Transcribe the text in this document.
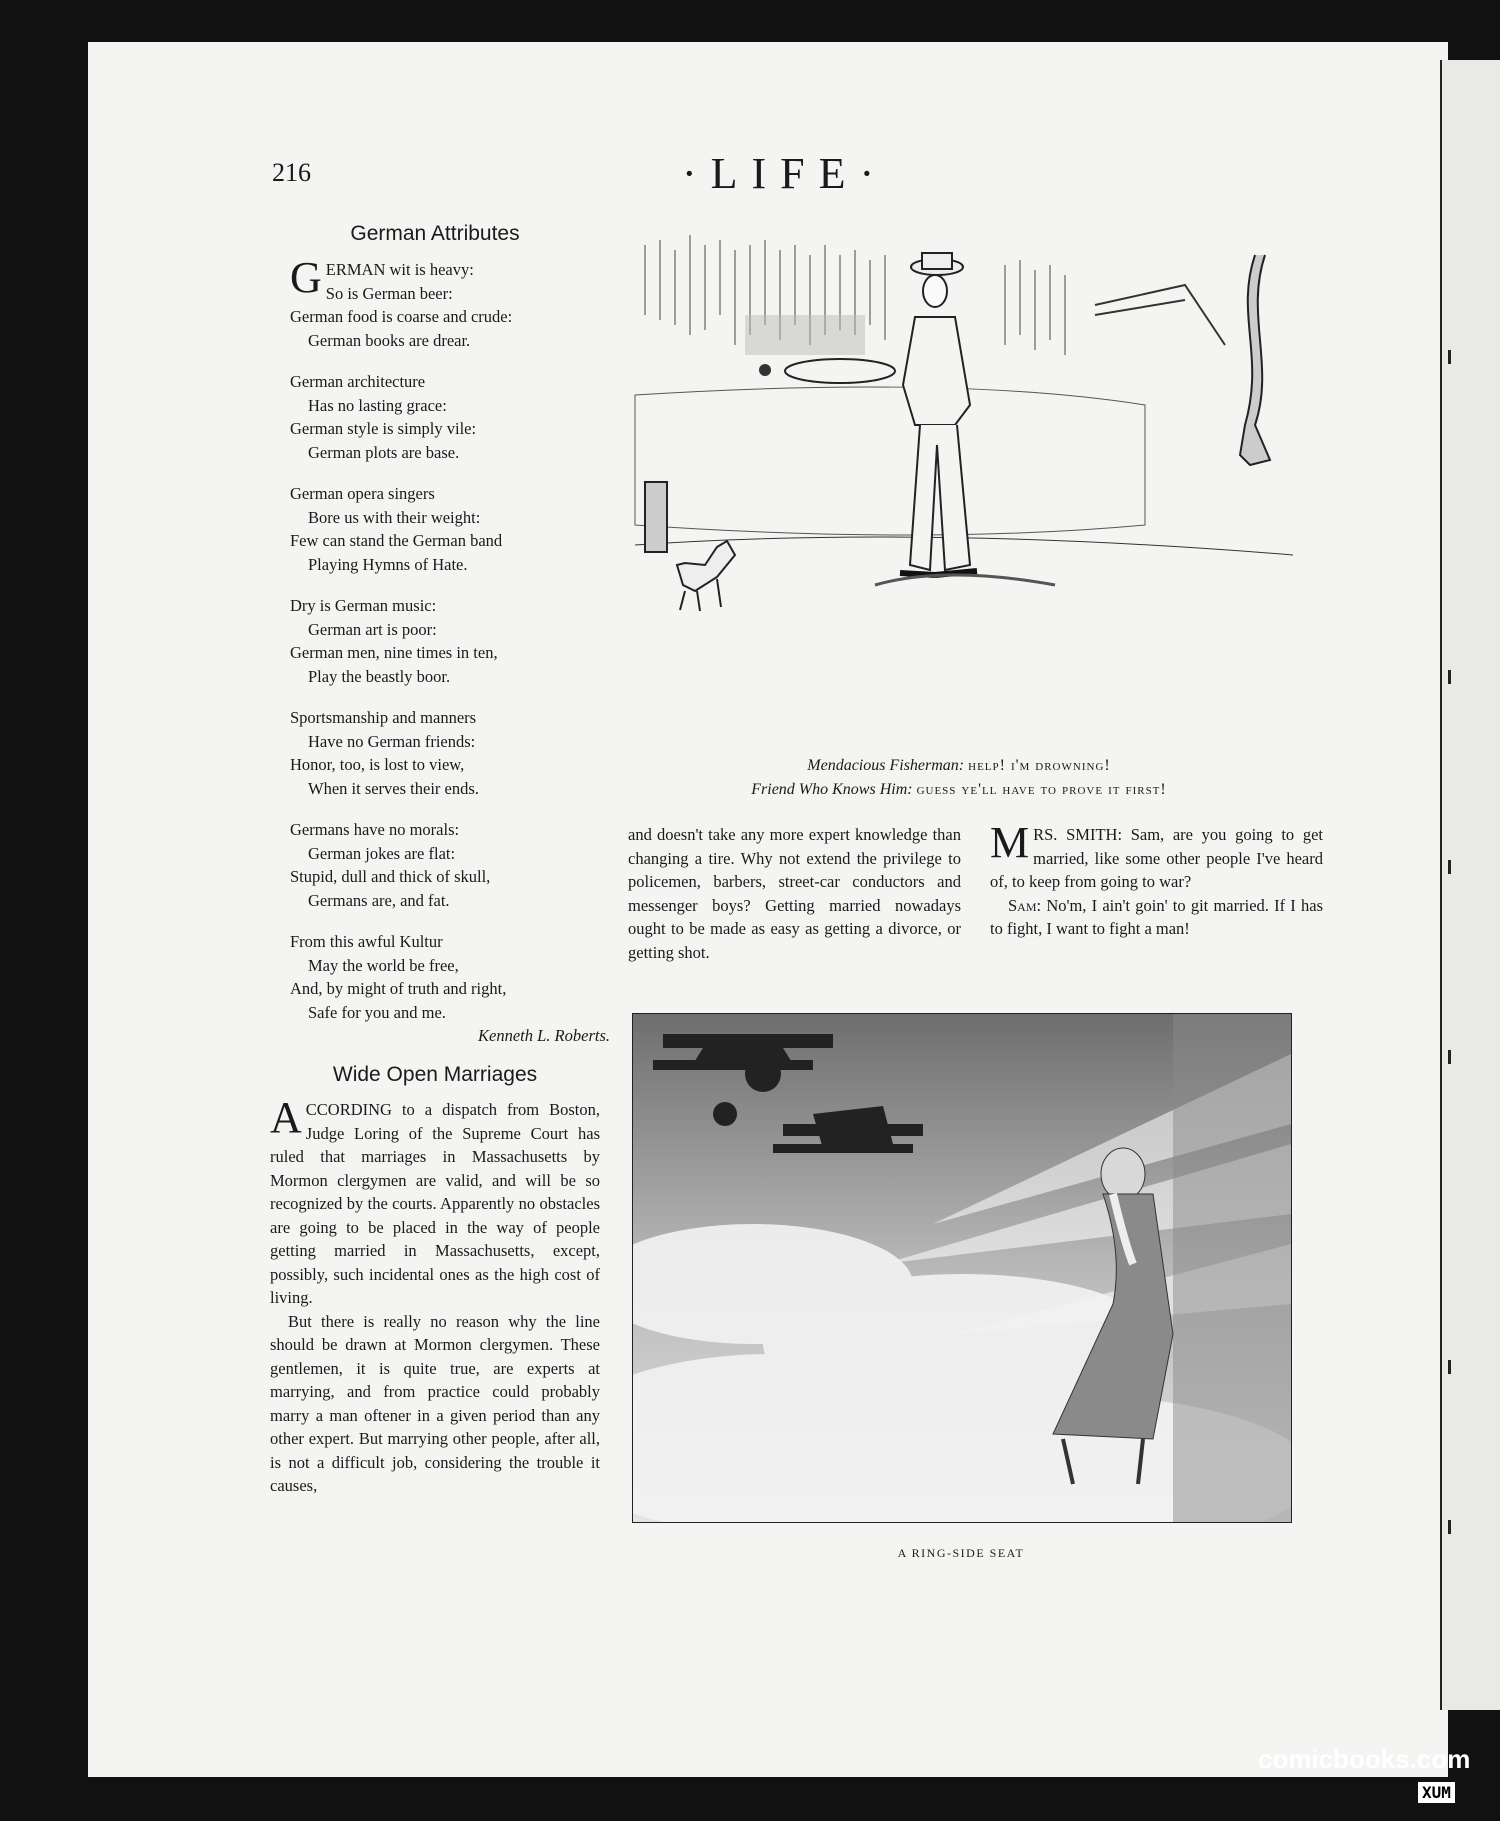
216	·LIFE·
German Attributes
G ERMAN wit is heavy:
So is German beer:
German food is coarse and crude:
German books are drear.
German architecture
Has no lasting grace:
German style is simply vile:
German plots are base.
German opera singers
Bore us with their weight:
Few can stand the German band
Playing Hymns of Hate.
Dry is German music:
German art is poor:
German men, nine times in ten,
Play the beastly boor.
Sportsmanship and manners
Have no German friends:
Honor, too, is lost to view,
When it serves their ends.
Germans have no morals:
German jokes are flat:
Stupid, dull and thick of skull,
Germans are, and fat.
From this awful Kultur
May the world be free,
And, by might of truth and right,
Safe for you and me.
Kenneth L. Roberts.
Wide Open Marriages

ACCORDING to a dispatch from Boston, Judge Loring of the Supreme Court has ruled that marriages in Massachusetts by Mormon clergymen are valid, and will be so recognized by the courts. Apparently no obstacles are going to be placed in the way of people getting married in Massachusetts, except, possibly, such incidental ones as the high cost of living.

But there is really no reason why the line should be drawn at Mormon clergymen. These gentlemen, it is quite true, are experts at marrying, and from practice could probably marry a man oftener in a given period than any other expert. But marrying other people, after all, is not a difficult job, considering the trouble it causes,

and doesn't take any more expert knowledge than changing a tire. Why not extend the privilege to policemen, barbers, street-car conductors and messenger boys? Getting married nowadays ought to be made as easy as getting a divorce, or getting shot.

MRS. SMITH: Sam, are you going to get married, like some other people I've heard of, to keep from going to war?

Sam: No'm, I ain't goin' to git married. If I has to fight, I want to fight a man!

Mendacious Fisherman: help! i'm drowning!
Friend Who Knows Him: guess ye'll have to prove it first!
A RING-SIDE SEAT
comicbooks.com
XUM
